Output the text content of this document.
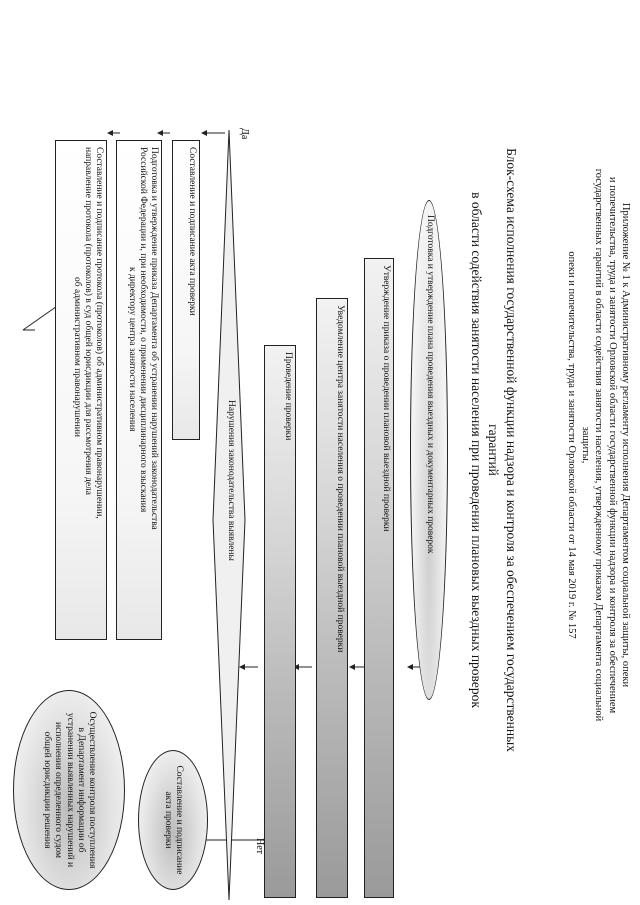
Приложение № 1 к Административному регламенту исполнения Департаментом социальной защиты, опеки
и попечительства, труда и занятости Орловской области государственной функции надзора и контроля за обеспечением
государственных гарантий в области содействия занятости населения, утвержденному приказом Департамента социальной защиты,
опеки и попечительства, труда и занятости Орловской области от 14 мая 2019 г. № 157
Блок-схема исполнения государственной функции надзора и контроля за обеспечением государственных гарантий
в области содействия занятости населения при проведении плановых выездных проверок
Подготовка и утверждение плана проведения выездных и документарных проверок
Утверждение приказа о проведении плановой выездной проверки
Уведомление центра занятости населения о проведении плановой выездной проверки
Проведение проверки
Нарушения законодательства выявлены
Да
Нет
Составление и подписание акта проверки
Подготовка и утверждение приказа Департамента об устранении нарушений законодательства
Российской Федерации и, при необходимости, о применении дисциплинарного взыскания
к директору центра занятости населения
Составление и подписание протокола (протоколов) об административном правонарушении,
направление протокола (протоколов) в суд общей юрисдикции для рассмотрения дела
об административном правонарушении
Составление и подписание акта проверки
Осуществление контроля поступления в Департамент информации об устранении выявленных нарушений и исполнения определенного судом общей юрисдикции решения
